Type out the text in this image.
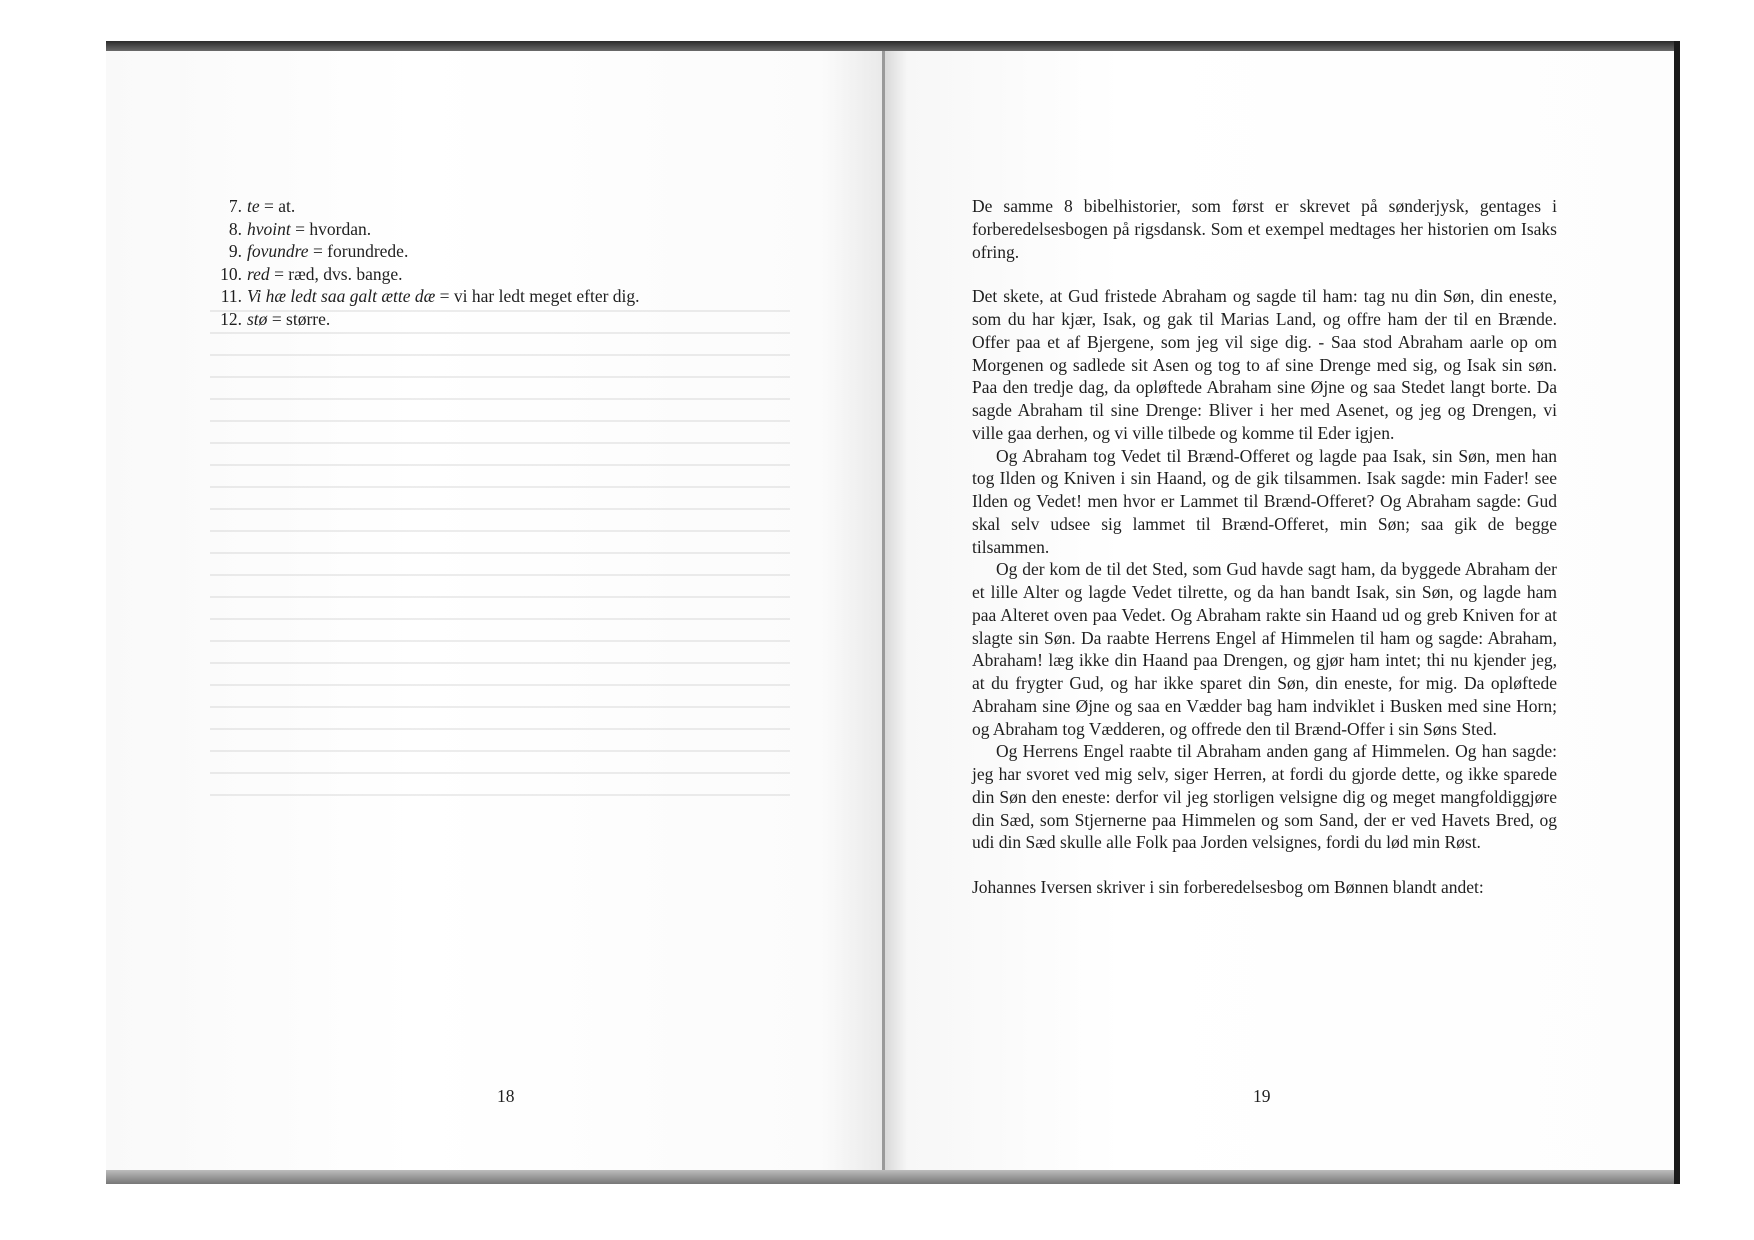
7. te = at.
8. hvoint = hvordan.
9. fovundre = forundrede.
10. red = ræd, dvs. bange.
11. Vi hæ ledt saa galt ætte dæ = vi har ledt meget efter dig.
12. stø = større.
18

De samme 8 bibelhistorier, som først er skrevet på sønderjysk, gentages i forberedelsesbogen på rigsdansk. Som et exempel medtages her historien om Isaks ofring.

Det skete, at Gud fristede Abraham og sagde til ham: tag nu din Søn, din eneste, som du har kjær, Isak, og gak til Marias Land, og offre ham der til en Brænde. Offer paa et af Bjergene, som jeg vil sige dig. - Saa stod Abraham aarle op om Morgenen og sadlede sit Asen og tog to af sine Drenge med sig, og Isak sin søn. Paa den tredje dag, da opløftede Abraham sine Øjne og saa Stedet langt borte. Da sagde Abraham til sine Drenge: Bliver i her med Asenet, og jeg og Drengen, vi ville gaa derhen, og vi ville tilbede og komme til Eder igjen.

Og Abraham tog Vedet til Brænd-Offeret og lagde paa Isak, sin Søn, men han tog Ilden og Kniven i sin Haand, og de gik tilsammen. Isak sagde: min Fader! see Ilden og Vedet! men hvor er Lammet til Brænd-Offeret? Og Abraham sagde: Gud skal selv udsee sig lammet til Brænd-Offeret, min Søn; saa gik de begge tilsammen.

Og der kom de til det Sted, som Gud havde sagt ham, da byggede Abraham der et lille Alter og lagde Vedet tilrette, og da han bandt Isak, sin Søn, og lagde ham paa Alteret oven paa Vedet. Og Abraham rakte sin Haand ud og greb Kniven for at slagte sin Søn. Da raabte Herrens Engel af Himmelen til ham og sagde: Abraham, Abraham! læg ikke din Haand paa Drengen, og gjør ham intet; thi nu kjender jeg, at du frygter Gud, og har ikke sparet din Søn, din eneste, for mig. Da opløftede Abraham sine Øjne og saa en Vædder bag ham indviklet i Busken med sine Horn; og Abraham tog Vædderen, og offrede den til Brænd-Offer i sin Søns Sted.

Og Herrens Engel raabte til Abraham anden gang af Himmelen. Og han sagde: jeg har svoret ved mig selv, siger Herren, at fordi du gjorde dette, og ikke sparede din Søn den eneste: derfor vil jeg storligen velsigne dig og meget mangfoldiggjøre din Sæd, som Stjernerne paa Himmelen og som Sand, der er ved Havets Bred, og udi din Sæd skulle alle Folk paa Jorden velsignes, fordi du lød min Røst.

Johannes Iversen skriver i sin forberedelsesbog om Bønnen blandt andet:

19
